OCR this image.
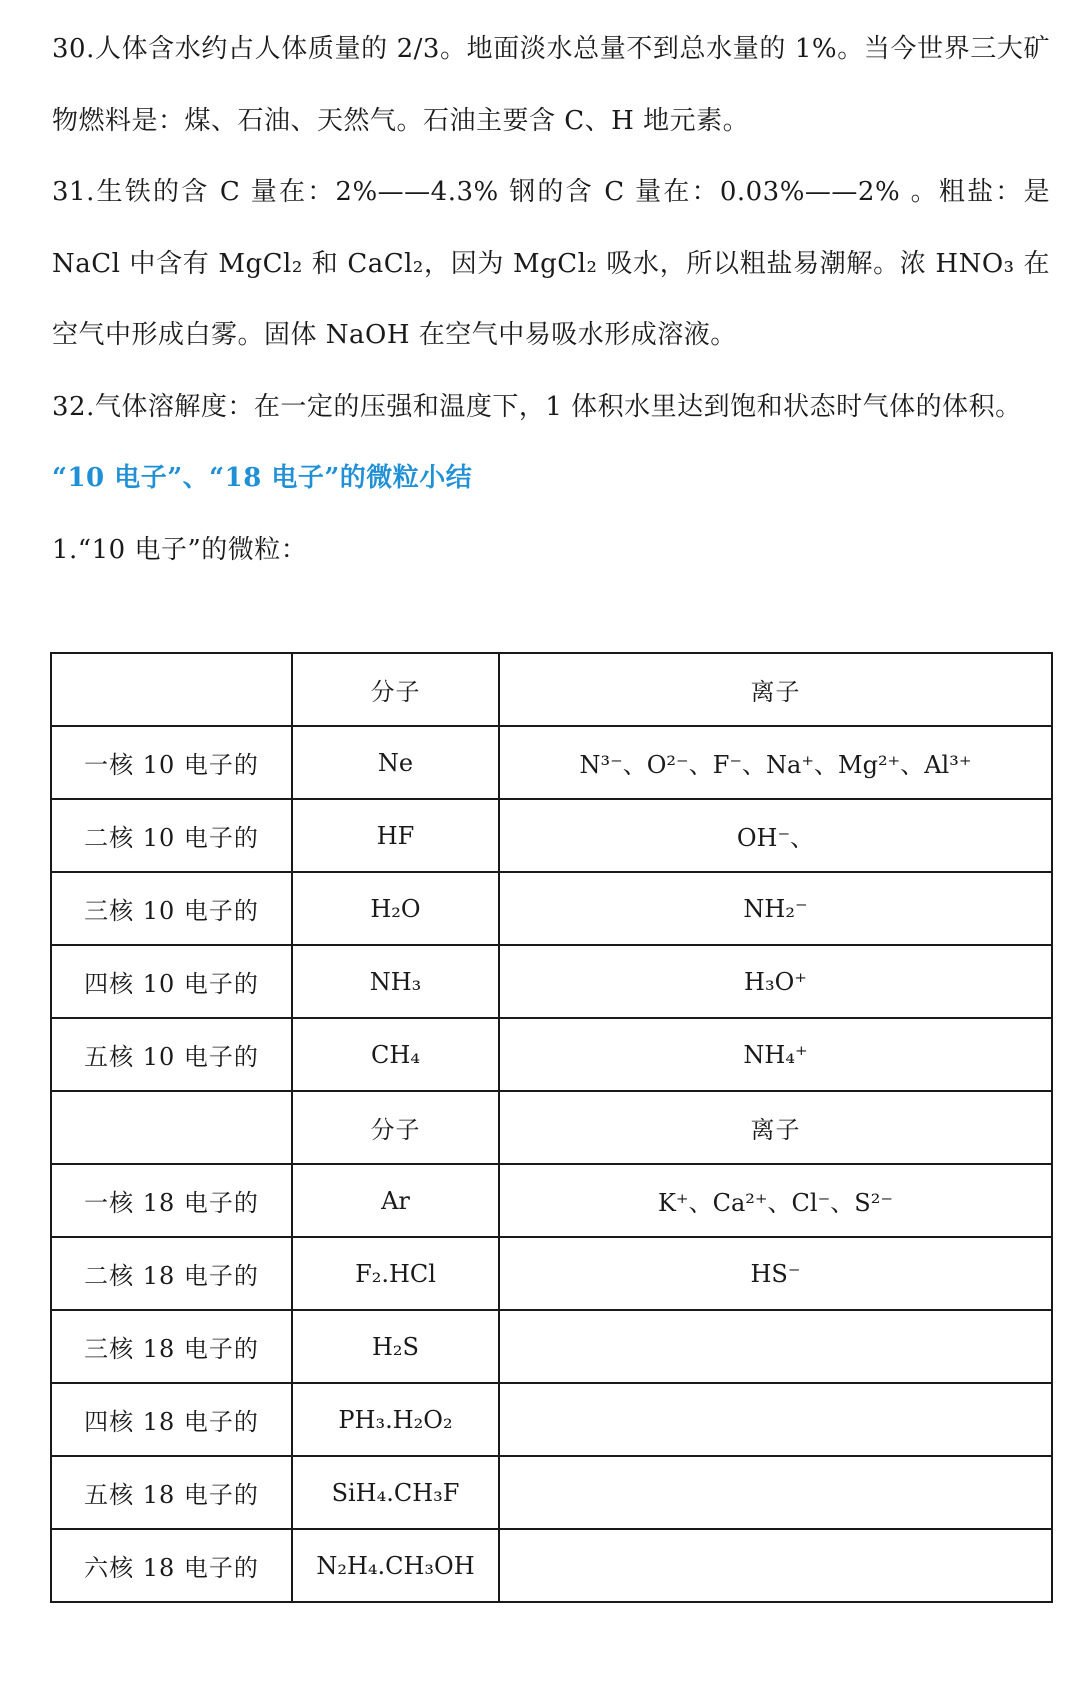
30.人体含水约占人体质量的 2/3。地面淡水总量不到总水量的 1%。当今世界三大矿物燃料是：煤、石油、天然气。石油主要含 C、H 地元素。

31.生铁的含 C 量在：2%——4.3% 钢的含 C 量在：0.03%——2% 。粗盐：是 NaCl 中含有 MgCl₂ 和 CaCl₂，因为 MgCl₂ 吸水，所以粗盐易潮解。浓 HNO₃ 在空气中形成白雾。固体 NaOH 在空气中易吸水形成溶液。

32.气体溶解度：在一定的压强和温度下，1 体积水里达到饱和状态时气体的体积。

“10 电子”、“18 电子”的微粒小结

1.“10 电子”的微粒：

	分子	离子
一核 10 电子的	Ne	N³⁻、O²⁻、F⁻、Na⁺、Mg²⁺、Al³⁺
二核 10 电子的	HF	OH⁻、
三核 10 电子的	H₂O	NH₂⁻
四核 10 电子的	NH₃	H₃O⁺
五核 10 电子的	CH₄	NH₄⁺
	分子	离子
一核 18 电子的	Ar	K⁺、Ca²⁺、Cl⁻、S²⁻
二核 18 电子的	F₂.HCl	HS⁻
三核 18 电子的	H₂S	
四核 18 电子的	PH₃.H₂O₂	
五核 18 电子的	SiH₄.CH₃F	
六核 18 电子的	N₂H₄.CH₃OH	
